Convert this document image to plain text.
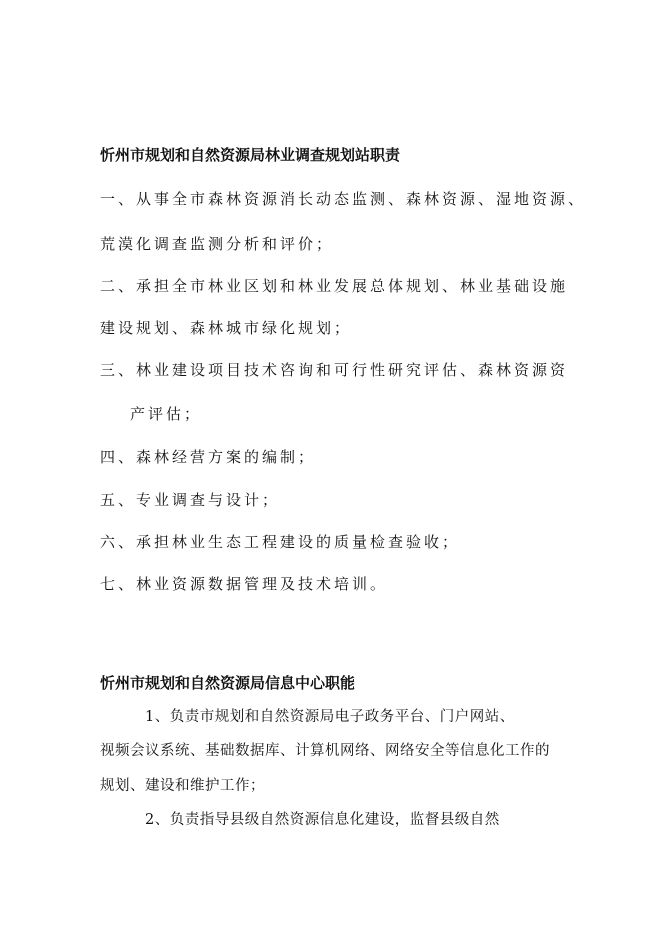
忻州市规划和自然资源局林业调查规划站职责
一、从事全市森林资源消长动态监测、森林资源、湿地资源、
荒漠化调查监测分析和评价；
二、承担全市林业区划和林业发展总体规划、林业基础设施
建设规划、森林城市绿化规划；
三、林业建设项目技术咨询和可行性研究评估、森林资源资
产评估；
四、森林经营方案的编制；
五、专业调查与设计；
六、承担林业生态工程建设的质量检查验收；
七、林业资源数据管理及技术培训。
忻州市规划和自然资源局信息中心职能
1、负责市规划和自然资源局电子政务平台、门户网站、
视频会议系统、基础数据库、计算机网络、网络安全等信息化工作的
规划、建设和维护工作；
2、负责指导县级自然资源信息化建设，监督县级自然
